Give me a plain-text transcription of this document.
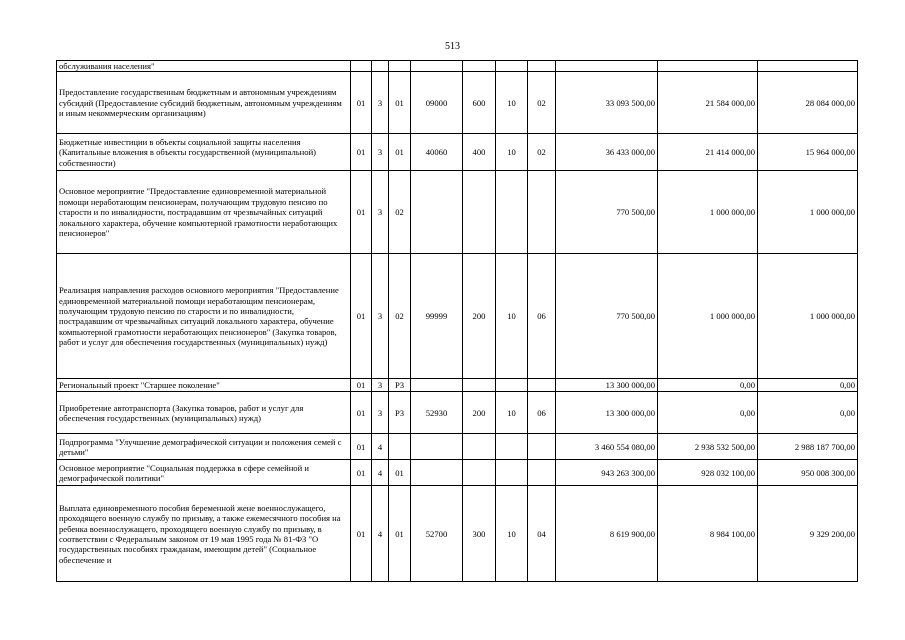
513
обслуживания населения"										
Предоставление государственным бюджетным и автономным учреждениям субсидий (Предоставление субсидий бюджетным, автономным учреждениям и иным некоммерческим организациям)	01	3	01	09000	600	10	02	33 093 500,00	21 584 000,00	28 084 000,00
Бюджетные инвестиции в объекты социальной защиты населения (Капитальные вложения в объекты государственной (муниципальной) собственности)	01	3	01	40060	400	10	02	36 433 000,00	21 414 000,00	15 964 000,00
Основное мероприятие "Предоставление единовременной материальной помощи неработающим пенсионерам, получающим трудовую пенсию по старости и по инвалидности, пострадавшим от чрезвычайных ситуаций локального характера, обучение компьютерной грамотности неработающих пенсионеров"	01	3	02					770 500,00	1 000 000,00	1 000 000,00
Реализация направления расходов основного мероприятия "Предоставление единовременной материальной помощи неработающим пенсионерам, получающим трудовую пенсию по старости и по инвалидности, пострадавшим от чрезвычайных ситуаций локального характера, обучение компьютерной грамотности неработающих пенсионеров" (Закупка товаров, работ и услуг для обеспечения государственных (муниципальных) нужд)	01	3	02	99999	200	10	06	770 500,00	1 000 000,00	1 000 000,00
Региональный проект "Старшее поколение"	01	3	P3					13 300 000,00	0,00	0,00
Приобретение автотранспорта (Закупка товаров, работ и услуг для обеспечения государственных (муниципальных) нужд)	01	3	P3	52930	200	10	06	13 300 000,00	0,00	0,00
Подпрограмма "Улучшение демографической ситуации и положения семей с детьми"	01	4						3 460 554 080,00	2 938 532 500,00	2 988 187 700,00
Основное мероприятие "Социальная поддержка в сфере семейной и демографической политики"	01	4	01					943 263 300,00	928 032 100,00	950 008 300,00
Выплата единовременного пособия беременной жене военнослужащего, проходящего военную службу по призыву, а также ежемесячного пособия на ребенка военнослужащего, проходящего военную службу по призыву, в соответствии с Федеральным законом от 19 мая 1995 года № 81-ФЗ "О государственных пособиях гражданам, имеющим детей" (Социальное обеспечение и	01	4	01	52700	300	10	04	8 619 900,00	8 984 100,00	9 329 200,00
